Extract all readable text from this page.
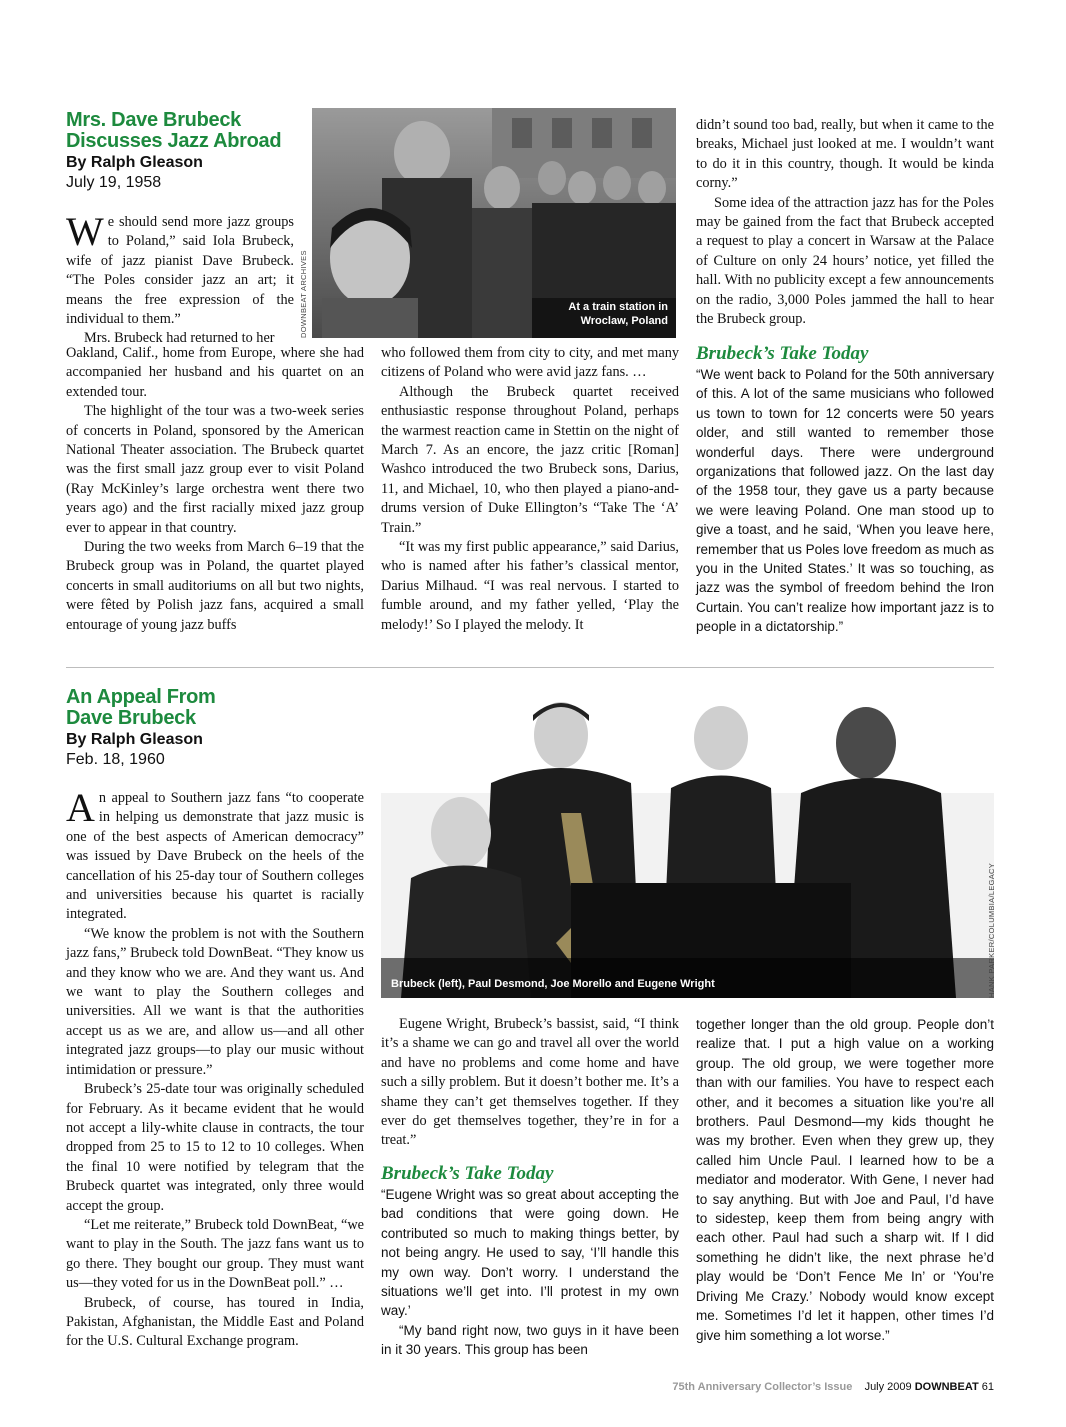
Mrs. Dave Brubeck
Discusses Jazz Abroad
By Ralph Gleason
July 19, 1958

We should send more jazz groups to Poland,” said Iola Brubeck, wife of jazz pianist Dave Brubeck. “The Poles consider jazz an art; it means the free expression of the individual to them.”

Mrs. Brubeck had returned to her

At a train station in
Wroclaw, Poland
DOWNBEAT ARCHIVES

Oakland, Calif., home from Europe, where she had accompanied her husband and his quartet on an extended tour.

The highlight of the tour was a two-week series of concerts in Poland, sponsored by the American National Theater association. The Brubeck quartet was the first small jazz group ever to visit Poland (Ray McKinley’s large orchestra went there two years ago) and the first racially mixed jazz group ever to appear in that country.

During the two weeks from March 6–19 that the Brubeck group was in Poland, the quartet played concerts in small auditoriums on all but two nights, were fêted by Polish jazz fans, acquired a small entourage of young jazz buffs

who followed them from city to city, and met many citizens of Poland who were avid jazz fans. …

Although the Brubeck quartet received enthusiastic response throughout Poland, perhaps the warmest reaction came in Stettin on the night of March 7. As an encore, the jazz critic [Roman] Washco introduced the two Brubeck sons, Darius, 11, and Michael, 10, who then played a piano-and-drums version of Duke Ellington’s “Take The ‘A’ Train.”

“It was my first public appearance,” said Darius, who is named after his father’s classical mentor, Darius Milhaud. “I was real nervous. I started to fumble around, and my father yelled, ‘Play the melody!’ So I played the melody. It

didn’t sound too bad, really, but when it came to the breaks, Michael just looked at me. I wouldn’t want to do it in this country, though. It would be kinda corny.”

Some idea of the attraction jazz has for the Poles may be gained from the fact that Brubeck accepted a request to play a concert in Warsaw at the Palace of Culture on only 24 hours’ notice, yet filled the hall. With no publicity except a few announcements on the radio, 3,000 Poles jammed the hall to hear the Brubeck group.

Brubeck’s Take Today

“We went back to Poland for the 50th anniversary of this. A lot of the same musicians who followed us town to town for 12 concerts were 50 years older, and still wanted to remember those wonderful days. There were underground organizations that followed jazz. On the last day of the 1958 tour, they gave us a party because we were leaving Poland. One man stood up to give a toast, and he said, ‘When you leave here, remember that us Poles love freedom as much as you in the United States.’ It was so touching, as jazz was the symbol of freedom behind the Iron Curtain. You can’t realize how important jazz is to people in a dictatorship.”

An Appeal From
Dave Brubeck
By Ralph Gleason
Feb. 18, 1960
Brubeck (left), Paul Desmond, Joe Morello and Eugene Wright	HANK PARKER/COLUMBIA/LEGACY

An appeal to Southern jazz fans “to cooperate in helping us demonstrate that jazz music is one of the best aspects of American democracy” was issued by Dave Brubeck on the heels of the cancellation of his 25-day tour of Southern colleges and universities because his quartet is racially integrated.

“We know the problem is not with the Southern jazz fans,” Brubeck told DownBeat. “They know us and they know who we are. And they want us. And we want to play the Southern colleges and universities. All we want is that the authorities accept us as we are, and allow us—and all other integrated jazz groups—to play our music without intimidation or pressure.”

Brubeck’s 25-date tour was originally scheduled for February. As it became evident that he would not accept a lily-white clause in contracts, the tour dropped from 25 to 15 to 12 to 10 colleges. When the final 10 were notified by telegram that the Brubeck quartet was integrated, only three would accept the group.

“Let me reiterate,” Brubeck told DownBeat, “we want to play in the South. The jazz fans want us to go there. They bought our group. They must want us—they voted for us in the DownBeat poll.” …

Brubeck, of course, has toured in India, Pakistan, Afghanistan, the Middle East and Poland for the U.S. Cultural Exchange program.

Eugene Wright, Brubeck’s bassist, said, “I think it’s a shame we can go and travel all over the world and have no problems and come home and have such a silly problem. But it doesn’t bother me. It’s a shame they can’t get themselves together. If they ever do get themselves together, they’re in for a treat.”

Brubeck’s Take Today

“Eugene Wright was so great about accepting the bad conditions that were going down. He contributed so much to making things better, by not being angry. He used to say, ‘I’ll handle this my own way. Don’t worry. I understand the situations we’ll get into. I’ll protest in my own way.’

“My band right now, two guys in it have been in it 30 years. This group has been

together longer than the old group. People don’t realize that. I put a high value on a working group. The old group, we were together more than with our families. You have to respect each other, and it becomes a situation like you’re all brothers. Paul Desmond—my kids thought he was my brother. Even when they grew up, they called him Uncle Paul. I learned how to be a mediator and moderator. With Gene, I never had to say anything. But with Joe and Paul, I’d have to sidestep, keep them from being angry with each other. Paul had such a sharp wit. If I did something he didn’t like, the next phrase he’d play would be ‘Don’t Fence Me In’ or ‘You’re Driving Me Crazy.’ Nobody would know except me. Sometimes I’d let it happen, other times I’d give him something a lot worse.”

75th Anniversary Collector’s Issue July 2009 DOWNBEAT 61
